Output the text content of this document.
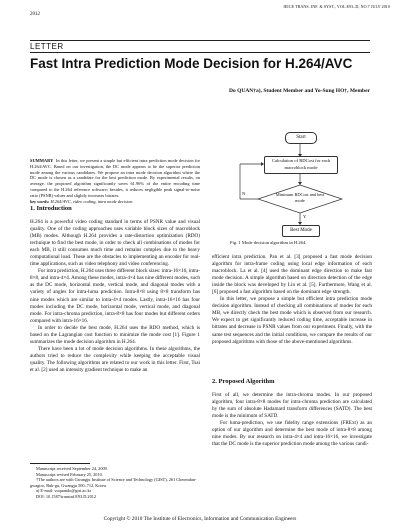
IEICE TRANS. INF. & SYST., VOL.E93–D, NO.7 JULY 2010
2012
LETTER
Fast Intra Prediction Mode Decision for H.264/AVC
Do QUAN†a), Student Member and Yo-Sung HO†, Member
SUMMARY In this letter, we present a simple but efficient intra prediction mode decision for H.264/AVC. Based on our investigation, the DC mode appears to be the superior prediction mode among the various candidates. We propose an intra mode decision algorithm where the DC mode is chosen as a candidate for the best prediction mode. By experimental results, on average, the proposed algorithm significantly saves 61.96% of the entire encoding time compared to the H.264 reference software; besides, it reduces negligible peak signal-to-noise ratio (PSNR) values and slightly increases bitrates.
key words: H.264/AVC, video coding, intra mode decision
1. Introduction

H.264 is a powerful video coding standard in terms of PSNR value and visual quality. One of the coding approaches uses variable block sizes of macroblock (MB) modes. Although H.264 provides a rate-distortion optimization (RDO) technique to find the best mode, in order to check all combinations of modes for each MB, it still consumes much time and remains complex due to the heavy computational load. These are the obstacles to implementing an encoder for real-time applications, such as video telephony and video conferencing.

For intra prediction, H.264 uses three different block sizes: intra-16×16, intra-8×8, and intra-4×4. Among these modes, intra-4×4 has nine different modes, such as the DC mode, horizontal mode, vertical mode, and diagonal modes with a variety of angles for intra-luma prediction. Intra-8×8 using 8×8 transform has nine modes which are similar to intra-4×4 modes. Lastly, intra-16×16 has four modes including the DC mode, horizontal mode, vertical mode, and diagonal mode. For intra-chroma prediction, intra-8×8 has four modes but different orders compared with intra-16×16.

In order to decide the best mode, H.264 uses the RDO method, which is based on the Lagrangian cost function to minimize the mode cost [1]. Figure 1 summarizes the mode decision algorithm in H.264.

There have been a lot of mode decision algorithms. In these algorithms, the authors tried to reduce the complexity while keeping the acceptable visual quality. The following algorithms are related to our work in this letter. First, Tsai et al. [2] used an intensity gradient technique to make an

Manuscript received September 24, 2009.
Manuscript revised February 25, 2010.
†The authors are with Gwangju Institute of Science and Technology (GIST), 261 Cheomdan-gwagiro, Buk-gu, Gwangju 500–712, Korea.
a) E-mail: voquando@gist.ac.kr
DOI: 10.1587/transinf.E93.D.2012
Start
Calculation of RDCost for each macroblock mode
Minimum RDCost and best mode
N
Y
Best Mode
Fig. 1 Mode decision algorithm in H.264.

efficient intra prediction. Pan et al. [3] proposed a fast mode decision algorithm for intra-frame coding using local edge information of each macroblock. La et al. [4] used the dominant edge direction to make fast mode decision. A simple algorithm based on direction detection of the edge inside the block was developed by Lin et al. [5]. Furthermore, Wang et al. [6] proposed a fast algorithm based on the dominant edge strength.

In this letter, we propose a simple but efficient intra prediction mode decision algorithm. Instead of checking all combinations of modes for each MB, we directly check the best mode which is observed from our research. We expect to get significantly reduced coding time, acceptable increase in bitrates and decrease in PSNR values from our experiment. Finally, with the same test sequences and the initial conditions, we compare the results of our proposed algorithms with those of the above-mentioned algorithms.

2. Proposed Algorithm

First of all, we determine the intra-chroma modes. In our proposed algorithm, four intra-8×8 modes for intra-chroma prediction are calculated by the sum of absolute Hadamard transform differences (SATD). The best mode is the minimum of SATD.

For luma-prediction, we use fidelity range extensions (FRExt) as an option of our algorithm and determine the best mode of intra-8×8 among nine modes. By our research on intra-4×4 and intra-16×16, we investigate that the DC mode is the superior prediction mode among the various candi-

Copyright © 2010 The Institute of Electronics, Information and Communication Engineers
